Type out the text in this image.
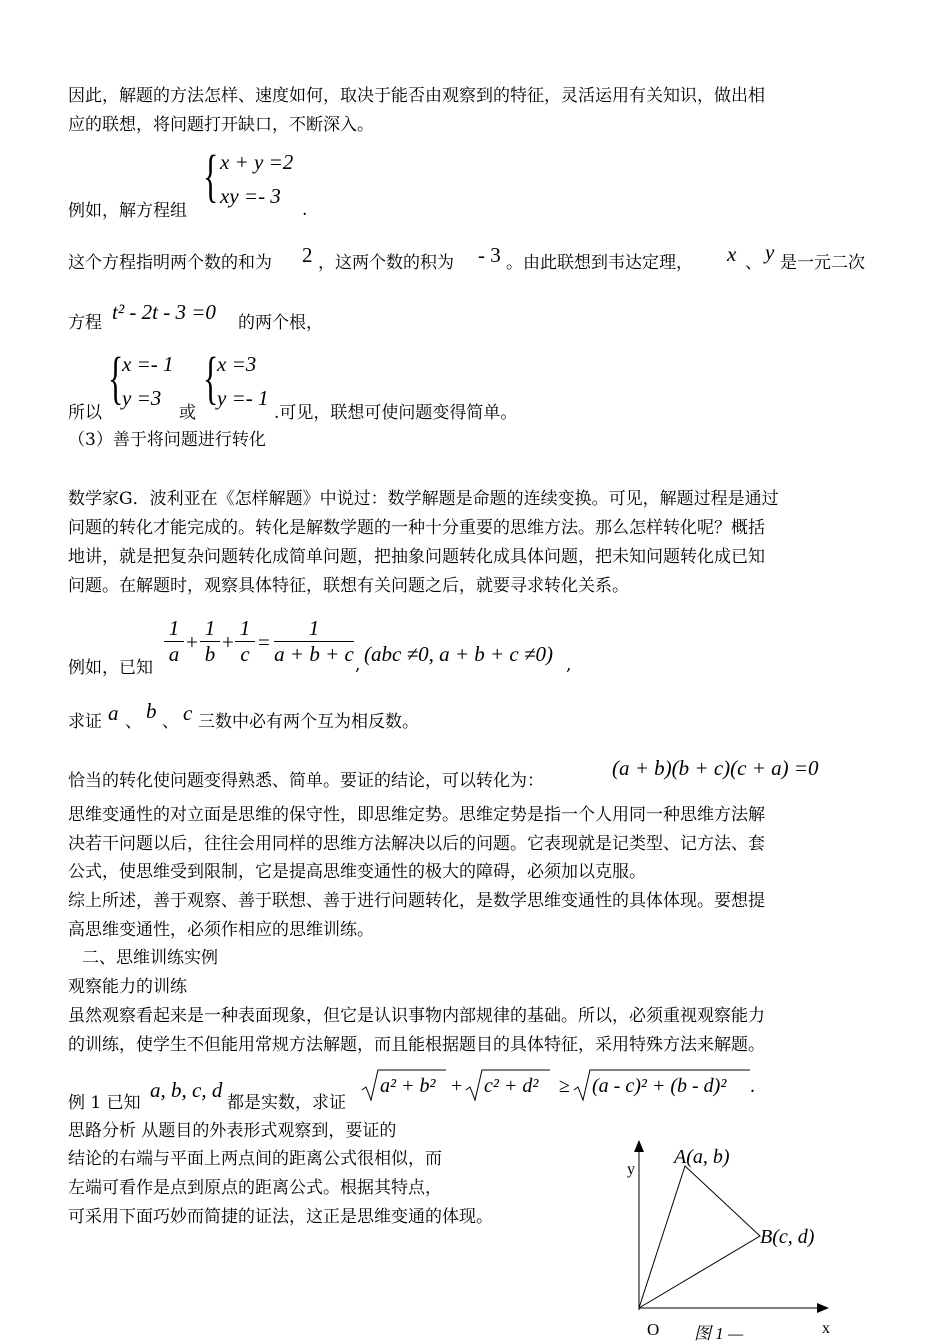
因此，解题的方法怎样、速度如何，取决于能否由观察到的特征，灵活运用有关知识，做出相
应的联想，将问题打开缺口，不断深入。
例如，解方程组
{ x + y =2
xy =- 3
.
这个方程指明两个数的和为 2 ，这两个数的积为 - 3 。由此联想到韦达定理， x 、 y 是一元二次
方程 t² - 2t - 3 =0 的两个根，
所以
{
x =- 1
y =3
或
{
x =3
y =- 1
.可见，联想可使问题变得简单。
（3）善于将问题进行转化
数学家G．波利亚在《怎样解题》中说过：数学解题是命题的连续变换。可见，解题过程是通过
问题的转化才能完成的。转化是解数学题的一种十分重要的思维方法。那么怎样转化呢？概括
地讲，就是把复杂问题转化成简单问题，把抽象问题转化成具体问题，把未知问题转化成已知
问题。在解题时，观察具体特征，联想有关问题之后，就要寻求转化关系。
例如，已知
$\frac{1}{a} + \frac{1}{b} + \frac{1}{c} = \frac{1}{a + b + c}$ , (abc ≠0, a + b + c ≠0) ,
求证 a 、 b 、 c 三数中必有两个互为相反数。
恰当的转化使问题变得熟悉、简单。要证的结论，可以转化为：
(a + b)(b + c)(c + a) =0
思维变通性的对立面是思维的保守性，即思维定势。思维定势是指一个人用同一种思维方法解
决若干问题以后，往往会用同样的思维方法解决以后的问题。它表现就是记类型、记方法、套
公式，使思维受到限制，它是提高思维变通性的极大的障碍，必须加以克服。
综上所述，善于观察、善于联想、善于进行问题转化，是数学思维变通性的具体体现。要想提
高思维变通性，必须作相应的思维训练。
二、思维训练实例
观察能力的训练
虽然观察看起来是一种表面现象，但它是认识事物内部规律的基础。所以，必须重视观察能力
的训练，使学生不但能用常规方法解题，而且能根据题目的具体特征，采用特殊方法来解题。
例 1 已知
a, b, c, d
都是实数，求证
a² + b² + c² + d² ≥ (a - c)² + (b - d)² .
思路分析 从题目的外表形式观察到，要证的
结论的右端与平面上两点间的距离公式很相似，而
左端可看作是点到原点的距离公式。根据其特点，
可采用下面巧妙而简捷的证法，这正是思维变通的体现。
A(a, b)
B(c, d)
y
x
O 图 1 —
